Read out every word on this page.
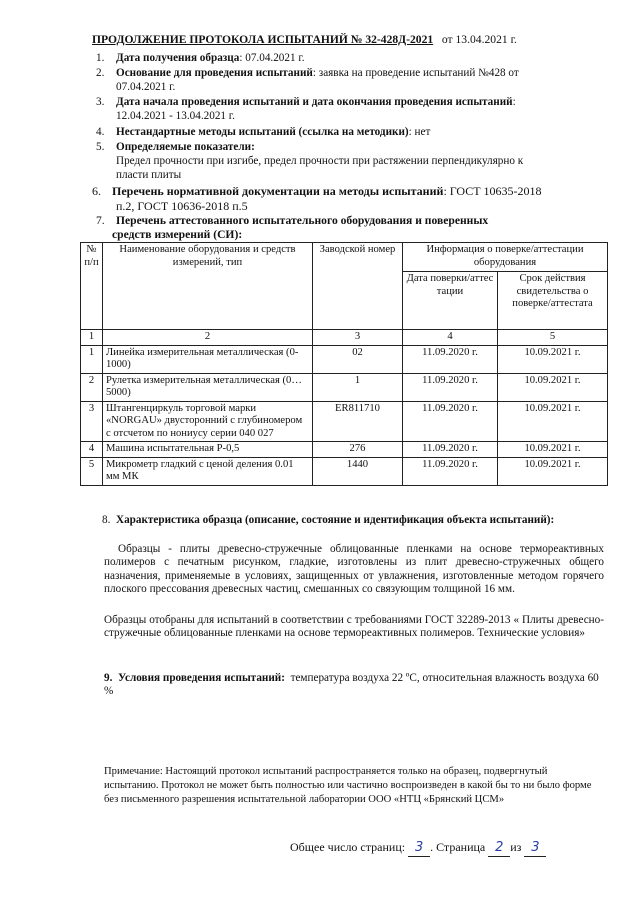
ПРОДОЛЖЕНИЕ ПРОТОКОЛА ИСПЫТАНИЙ № 32-428Д-2021 от 13.04.2021 г.
1. Дата получения образца: 07.04.2021 г.
2. Основание для проведения испытаний: заявка на проведение испытаний №428 от
07.04.2021 г.
3. Дата начала проведения испытаний и дата окончания проведения испытаний:
12.04.2021 - 13.04.2021 г.
4. Нестандартные методы испытаний (ссылка на методики): нет
5. Определяемые показатели:
Предел прочности при изгибе, предел прочности при растяжении перпендикулярно к
пласти плиты
6. Перечень нормативной документации на методы испытаний: ГОСТ 10635-2018
п.2, ГОСТ 10636-2018 п.5
7. Перечень аттестованного испытательного оборудования и поверенных
средств измерений (СИ):
№ п/п	Наименование оборудования и средств измерений, тип	Заводской номер	Информация о поверке/аттестации оборудования	
			Дата поверки/аттес тации	Срок действия свидетельства о поверке/аттестата
1	2	3	4	5
1	Линейка измерительная металлическая (0-1000)	02	11.09.2020 г.	10.09.2021 г.
2	Рулетка измерительная металлическая (0…5000)	1	11.09.2020 г.	10.09.2021 г.
3	Штангенциркуль торговой марки «NORGAU» двусторонний с глубиномером с отсчетом по нониусу серии 040 027	ER811710	11.09.2020 г.	10.09.2021 г.
4	Машина испытательная Р-0,5	276	11.09.2020 г.	10.09.2021 г.
5	Микрометр гладкий с ценой деления 0.01 мм МК	1440	11.09.2020 г.	10.09.2021 г.
8. Характеристика образца (описание, состояние и идентификация объекта испытаний):
Образцы - плиты древесно-стружечные облицованные пленками на основе термореактивных полимеров с печатным рисунком, гладкие, изготовлены из плит древесно-стружечных общего назначения, применяемые в условиях, защищенных от увлажнения, изготовленные методом горячего плоского прессования древесных частиц, смешанных со связующим толщиной 16 мм.
Образцы отобраны для испытаний в соответствии с требованиями ГОСТ 32289-2013 « Плиты древесно-стружечные облицованные пленками на основе термореактивных полимеров. Технические условия»
9. Условия проведения испытаний: температура воздуха 22 ºС, относительная влажность воздуха 60 %
Примечание: Настоящий протокол испытаний распространяется только на образец, подвергнутый испытанию. Протокол не может быть полностью или частично воспроизведен в какой бы то ни было форме без письменного разрешения испытательной лаборатории ООО «НТЦ «Брянский ЦСМ»
Общее число страниц: 3 . Страница 2 из 3
